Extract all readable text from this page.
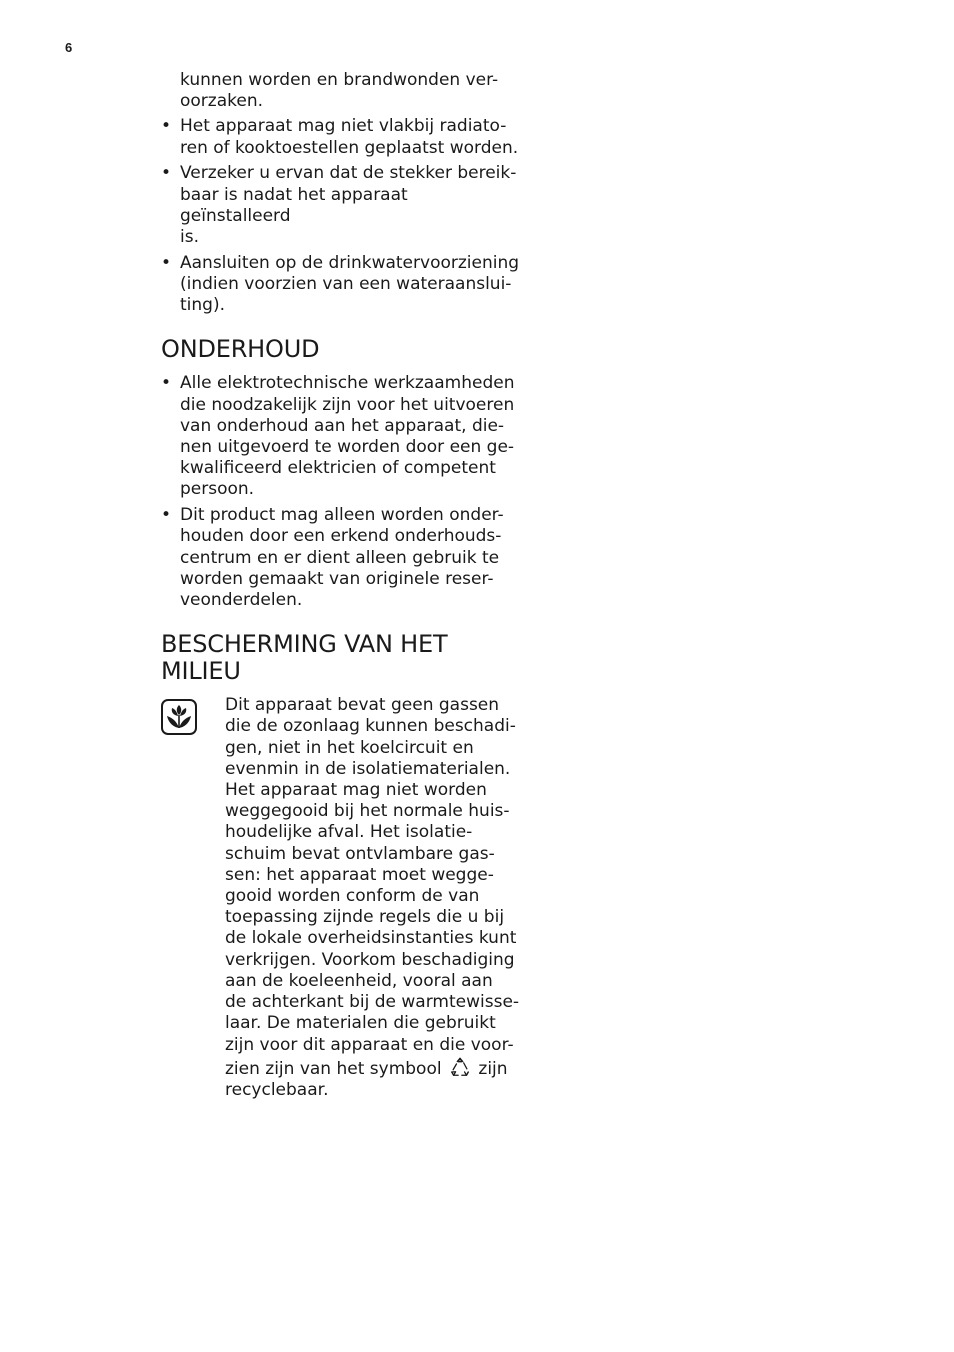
6
kunnen worden en brandwonden ver-
oorzaken.
• Het apparaat mag niet vlakbij radiato-
ren of kooktoestellen geplaatst worden.
• Verzeker u ervan dat de stekker bereik-
baar is nadat het apparaat geïnstalleerd
is.
• Aansluiten op de drinkwatervoorziening
(indien voorzien van een wateraanslui-
ting).
ONDERHOUD
• Alle elektrotechnische werkzaamheden
die noodzakelijk zijn voor het uitvoeren
van onderhoud aan het apparaat, die-
nen uitgevoerd te worden door een ge-
kwalificeerd elektricien of competent
persoon.
• Dit product mag alleen worden onder-
houden door een erkend onderhouds-
centrum en er dient alleen gebruik te
worden gemaakt van originele reser-
veonderdelen.
BESCHERMING VAN HET
MILIEU
Dit apparaat bevat geen gassen
die de ozonlaag kunnen beschadi-
gen, niet in het koelcircuit en
evenmin in de isolatiematerialen.
Het apparaat mag niet worden
weggegooid bij het normale huis-
houdelijke afval. Het isolatie-
schuim bevat ontvlambare gas-
sen: het apparaat moet wegge-
gooid worden conform de van
toepassing zijnde regels die u bij
de lokale overheidsinstanties kunt
verkrijgen. Voorkom beschadiging
aan de koeleenheid, vooral aan
de achterkant bij de warmtewisse-
laar. De materialen die gebruikt
zijn voor dit apparaat en die voor-
zien zijn van het symbool zijn
recyclebaar.
